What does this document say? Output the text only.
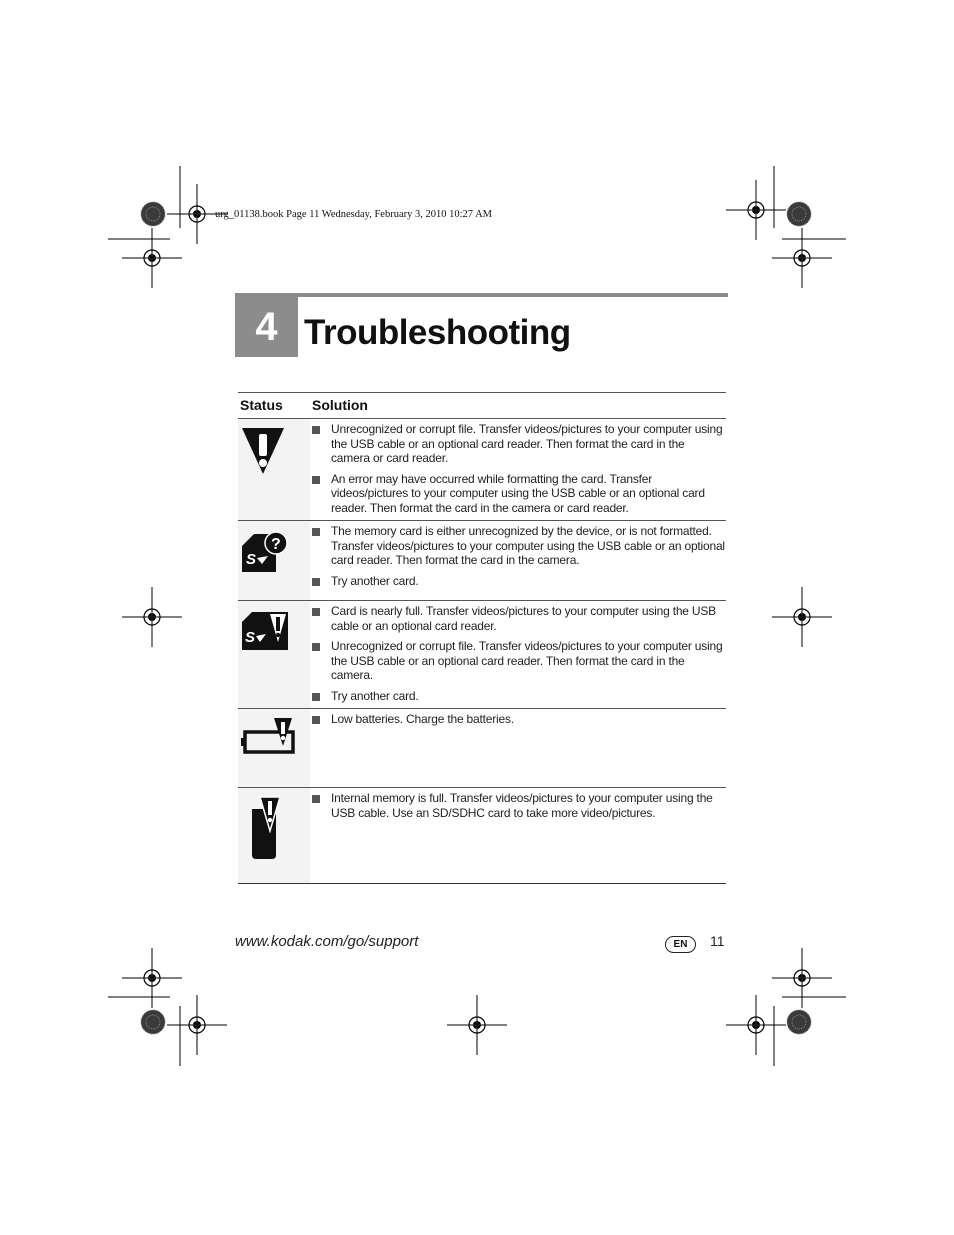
urg_01138.book Page 11 Wednesday, February 3, 2010 10:27 AM
4 Troubleshooting
Status Solution
Unrecognized or corrupt file. Transfer videos/pictures to your computer using the USB cable or an optional card reader. Then format the card in the camera or card reader.
An error may have occurred while formatting the card. Transfer videos/pictures to your computer using the USB cable or an optional card reader. Then format the card in the camera or card reader.
S
?
The memory card is either unrecognized by the device, or is not formatted. Transfer videos/pictures to your computer using the USB cable or an optional card reader. Then format the card in the camera.
Try another card.
S
Card is nearly full. Transfer videos/pictures to your computer using the USB cable or an optional card reader.
Unrecognized or corrupt file. Transfer videos/pictures to your computer using the USB cable or an optional card reader. Then format the card in the camera.
Try another card.
Low batteries. Charge the batteries.
Internal memory is full. Transfer videos/pictures to your computer using the USB cable. Use an SD/SDHC card to take more video/pictures.
www.kodak.com/go/support	EN	11
